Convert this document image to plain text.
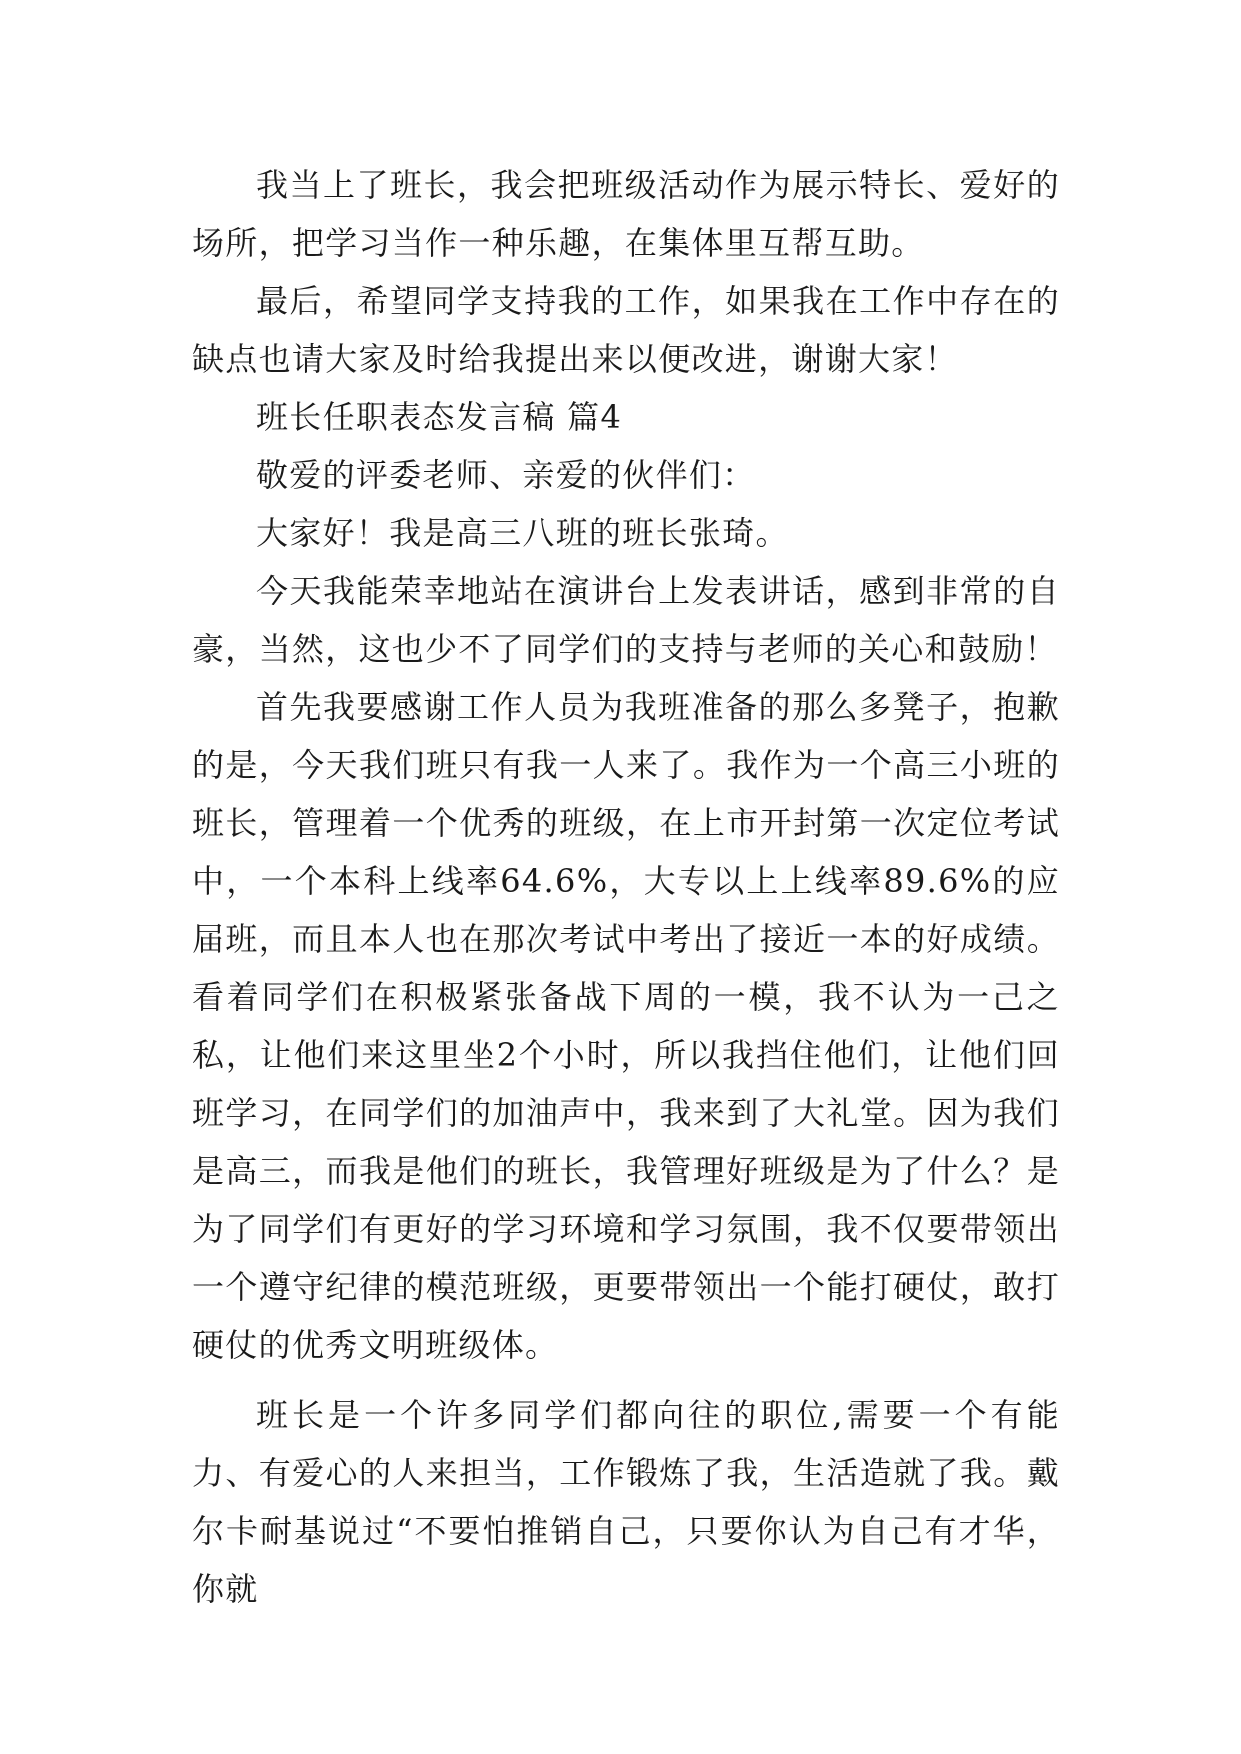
我当上了班长，我会把班级活动作为展示特长、爱好的场所，把学习当作一种乐趣，在集体里互帮互助。

最后，希望同学支持我的工作，如果我在工作中存在的缺点也请大家及时给我提出来以便改进，谢谢大家！

班长任职表态发言稿 篇4

敬爱的评委老师、亲爱的伙伴们：

大家好！我是高三八班的班长张琦。

今天我能荣幸地站在演讲台上发表讲话，感到非常的自豪，当然，这也少不了同学们的支持与老师的关心和鼓励！

首先我要感谢工作人员为我班准备的那么多凳子，抱歉的是，今天我们班只有我一人来了。我作为一个高三小班的班长，管理着一个优秀的班级，在上市开封第一次定位考试中，一个本科上线率64.6%，大专以上上线率89.6%的应届班，而且本人也在那次考试中考出了接近一本的好成绩。看着同学们在积极紧张备战下周的一模，我不认为一己之私，让他们来这里坐2个小时，所以我挡住他们，让他们回班学习，在同学们的加油声中，我来到了大礼堂。因为我们是高三，而我是他们的班长，我管理好班级是为了什么？是为了同学们有更好的学习环境和学习氛围，我不仅要带领出一个遵守纪律的模范班级，更要带领出一个能打硬仗，敢打硬仗的优秀文明班级体。

班长是一个许多同学们都向往的职位,需要一个有能力、有爱心的人来担当，工作锻炼了我，生活造就了我。戴尔卡耐基说过“不要怕推销自己，只要你认为自己有才华，你就
